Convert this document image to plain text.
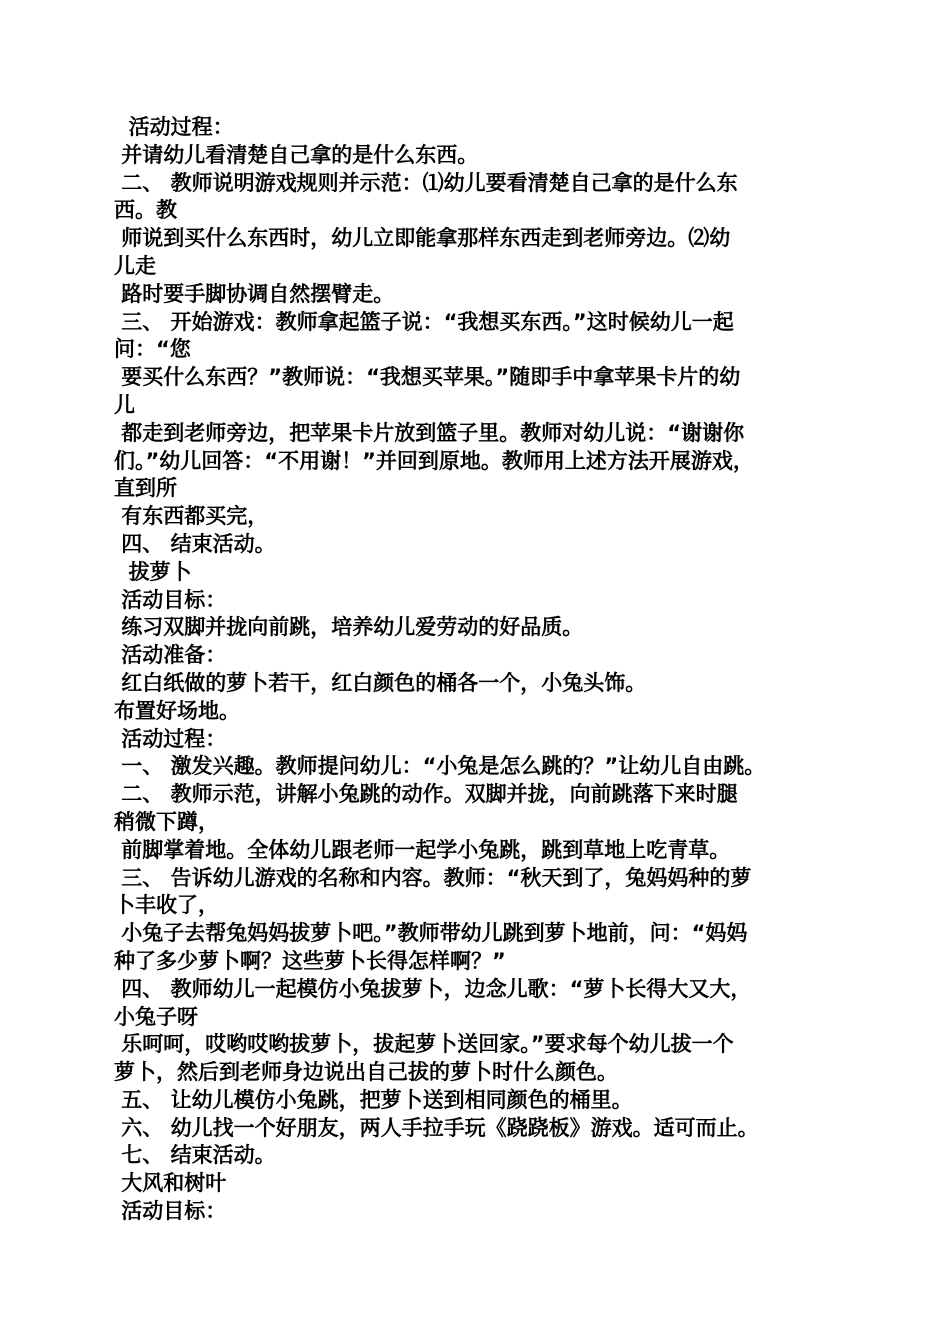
活动过程：
并请幼儿看清楚自己拿的是什么东西。
二、 教师说明游戏规则并示范：⑴幼儿要看清楚自己拿的是什么东
西。教
师说到买什么东西时，幼儿立即能拿那样东西走到老师旁边。⑵幼
儿走
路时要手脚协调自然摆臂走。
三、 开始游戏：教师拿起篮子说：“我想买东西。”这时候幼儿一起
问：“您
要买什么东西？”教师说：“我想买苹果。”随即手中拿苹果卡片的幼
儿
都走到老师旁边，把苹果卡片放到篮子里。教师对幼儿说：“谢谢你
们。”幼儿回答：“不用谢！”并回到原地。教师用上述方法开展游戏，
直到所
有东西都买完，
四、 结束活动。
拔萝卜
活动目标：
练习双脚并拢向前跳，培养幼儿爱劳动的好品质。
活动准备：
红白纸做的萝卜若干，红白颜色的桶各一个，小兔头饰。
布置好场地。
活动过程：
一、 激发兴趣。教师提问幼儿：“小兔是怎么跳的？”让幼儿自由跳。
二、 教师示范，讲解小兔跳的动作。双脚并拢，向前跳落下来时腿
稍微下蹲，
前脚掌着地。全体幼儿跟老师一起学小兔跳，跳到草地上吃青草。
三、 告诉幼儿游戏的名称和内容。教师：“秋天到了，兔妈妈种的萝
卜丰收了，
小兔子去帮兔妈妈拔萝卜吧。”教师带幼儿跳到萝卜地前，问：“妈妈
种了多少萝卜啊？这些萝卜长得怎样啊？”
四、 教师幼儿一起模仿小兔拔萝卜，边念儿歌：“萝卜长得大又大，
小兔子呀
乐呵呵，哎哟哎哟拔萝卜，拔起萝卜送回家。”要求每个幼儿拔一个
萝卜，然后到老师身边说出自己拔的萝卜时什么颜色。
五、 让幼儿模仿小兔跳，把萝卜送到相同颜色的桶里。
六、 幼儿找一个好朋友，两人手拉手玩《跷跷板》游戏。适可而止。
七、 结束活动。
大风和树叶
活动目标：
